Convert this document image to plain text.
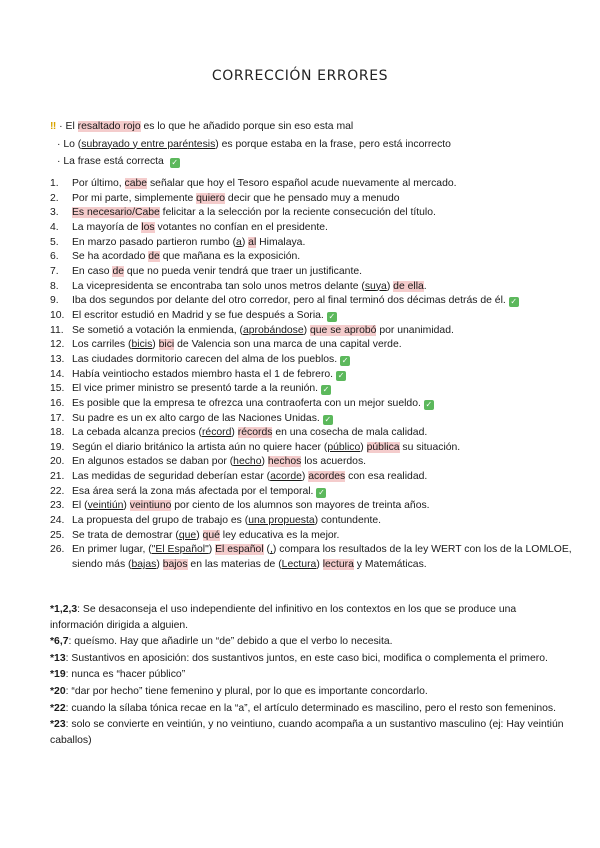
CORRECCIÓN ERRORES
‼ · El resaltado rojo es lo que he añadido porque sin eso esta mal
· Lo (subrayado y entre paréntesis) es porque estaba en la frase, pero está incorrecto
· La frase está correcta ✓
1. Por último, cabe señalar que hoy el Tesoro español acude nuevamente al mercado.
2. Por mi parte, simplemente quiero decir que he pensado muy a menudo
3. Es necesario/Cabe felicitar a la selección por la reciente consecución del título.
4. La mayoría de los votantes no confían en el presidente.
5. En marzo pasado partieron rumbo (a) al Himalaya.
6. Se ha acordado de que mañana es la exposición.
7. En caso de que no pueda venir tendrá que traer un justificante.
8. La vicepresidenta se encontraba tan solo unos metros delante (suya) de ella.
9. Iba dos segundos por delante del otro corredor, pero al final terminó dos décimas detrás de él. ✓
10. El escritor estudió en Madrid y se fue después a Soria. ✓
11. Se sometió a votación la enmienda, (aprobándose) que se aprobó por unanimidad.
12. Los carriles (bicis) bici de Valencia son una marca de una capital verde.
13. Las ciudades dormitorio carecen del alma de los pueblos. ✓
14. Había veintiocho estados miembro hasta el 1 de febrero. ✓
15. El vice primer ministro se presentó tarde a la reunión. ✓
16. Es posible que la empresa te ofrezca una contraoferta con un mejor sueldo. ✓
17. Su padre es un ex alto cargo de las Naciones Unidas. ✓
18. La cebada alcanza precios (récord) récords en una cosecha de mala calidad.
19. Según el diario británico la artista aún no quiere hacer (público) pública su situación.
20. En algunos estados se daban por (hecho) hechos los acuerdos.
21. Las medidas de seguridad deberían estar (acorde) acordes con esa realidad.
22. Esa área será la zona más afectada por el temporal. ✓
23. El (veintiún) veintiuno por ciento de los alumnos son mayores de treinta años.
24. La propuesta del grupo de trabajo es (una propuesta) contundente.
25. Se trata de demostrar (que) qué ley educativa es la mejor.
26. En primer lugar, ("El Español") El español (,) compara los resultados de la ley WERT con los de la LOMLOE, siendo más (bajas) bajos en las materias de (Lectura) lectura y Matemáticas.

*1,2,3: Se desaconseja el uso independiente del infinitivo en los contextos en los que se produce una información dirigida a alguien.

*6,7: queísmo. Hay que añadirle un “de” debido a que el verbo lo necesita.

*13: Sustantivos en aposición: dos sustantivos juntos, en este caso bici, modifica o complementa el primero.

*19: nunca es “hacer público”

*20: “dar por hecho” tiene femenino y plural, por lo que es importante concordarlo.

*22: cuando la sílaba tónica recae en la “a”, el artículo determinado es mascilino, pero el resto son femeninos.

*23: solo se convierte en veintiún, y no veintiuno, cuando acompaña a un sustantivo masculino (ej: Hay veintiún caballos)
